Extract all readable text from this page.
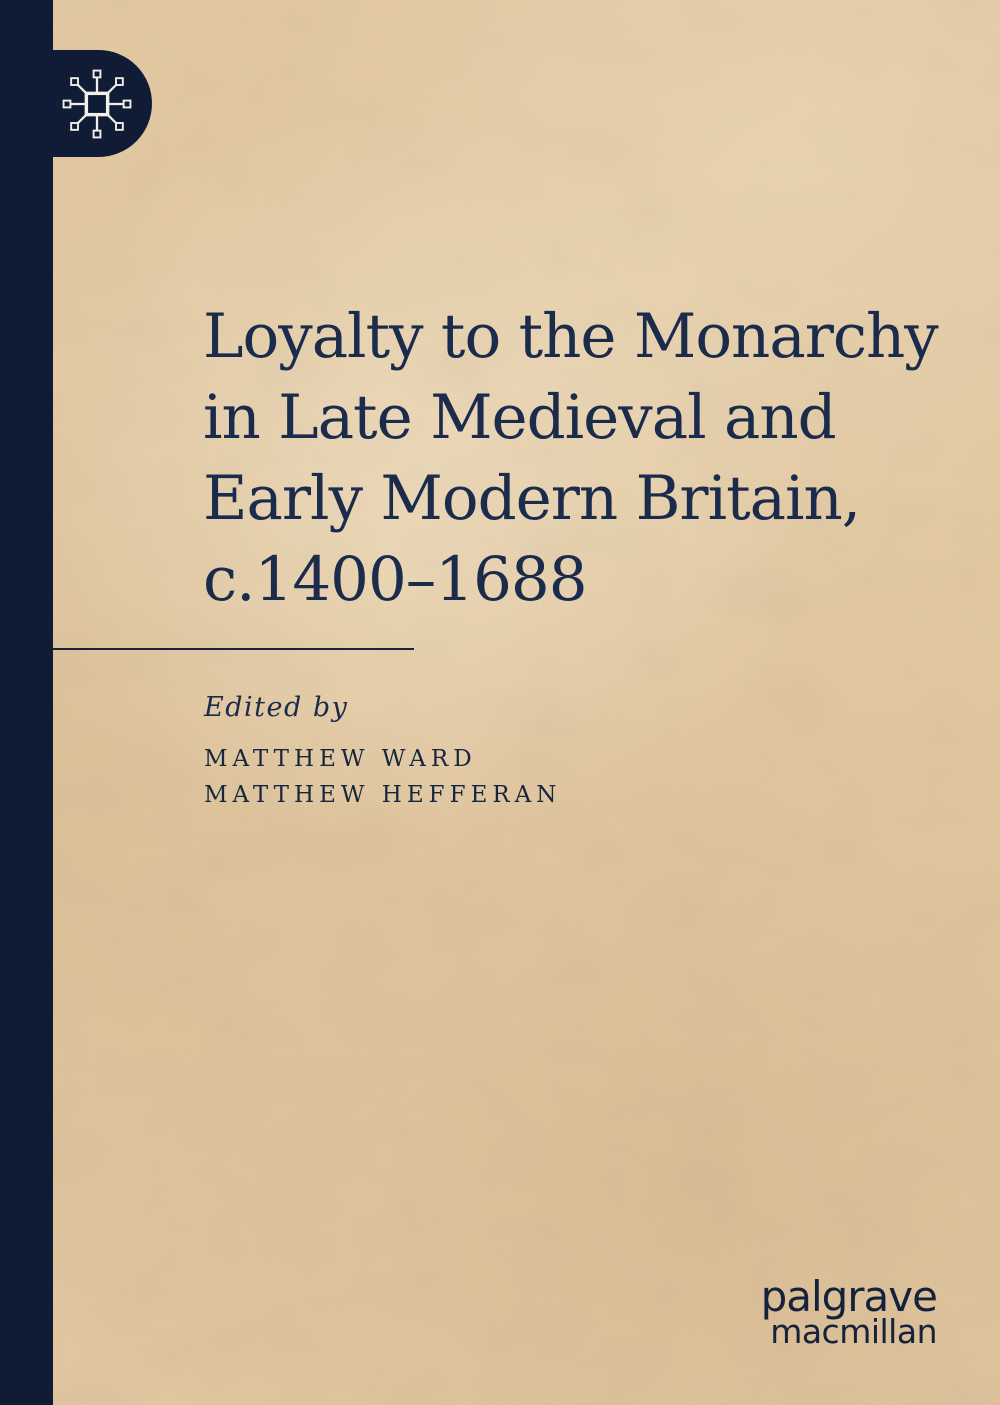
Loyalty to the Monarchy
in Late Medieval and
Early Modern Britain,
c.1400–1688
Edited by
MATTHEW WARD
MATTHEW HEFFERAN
palgrave
macmillan
